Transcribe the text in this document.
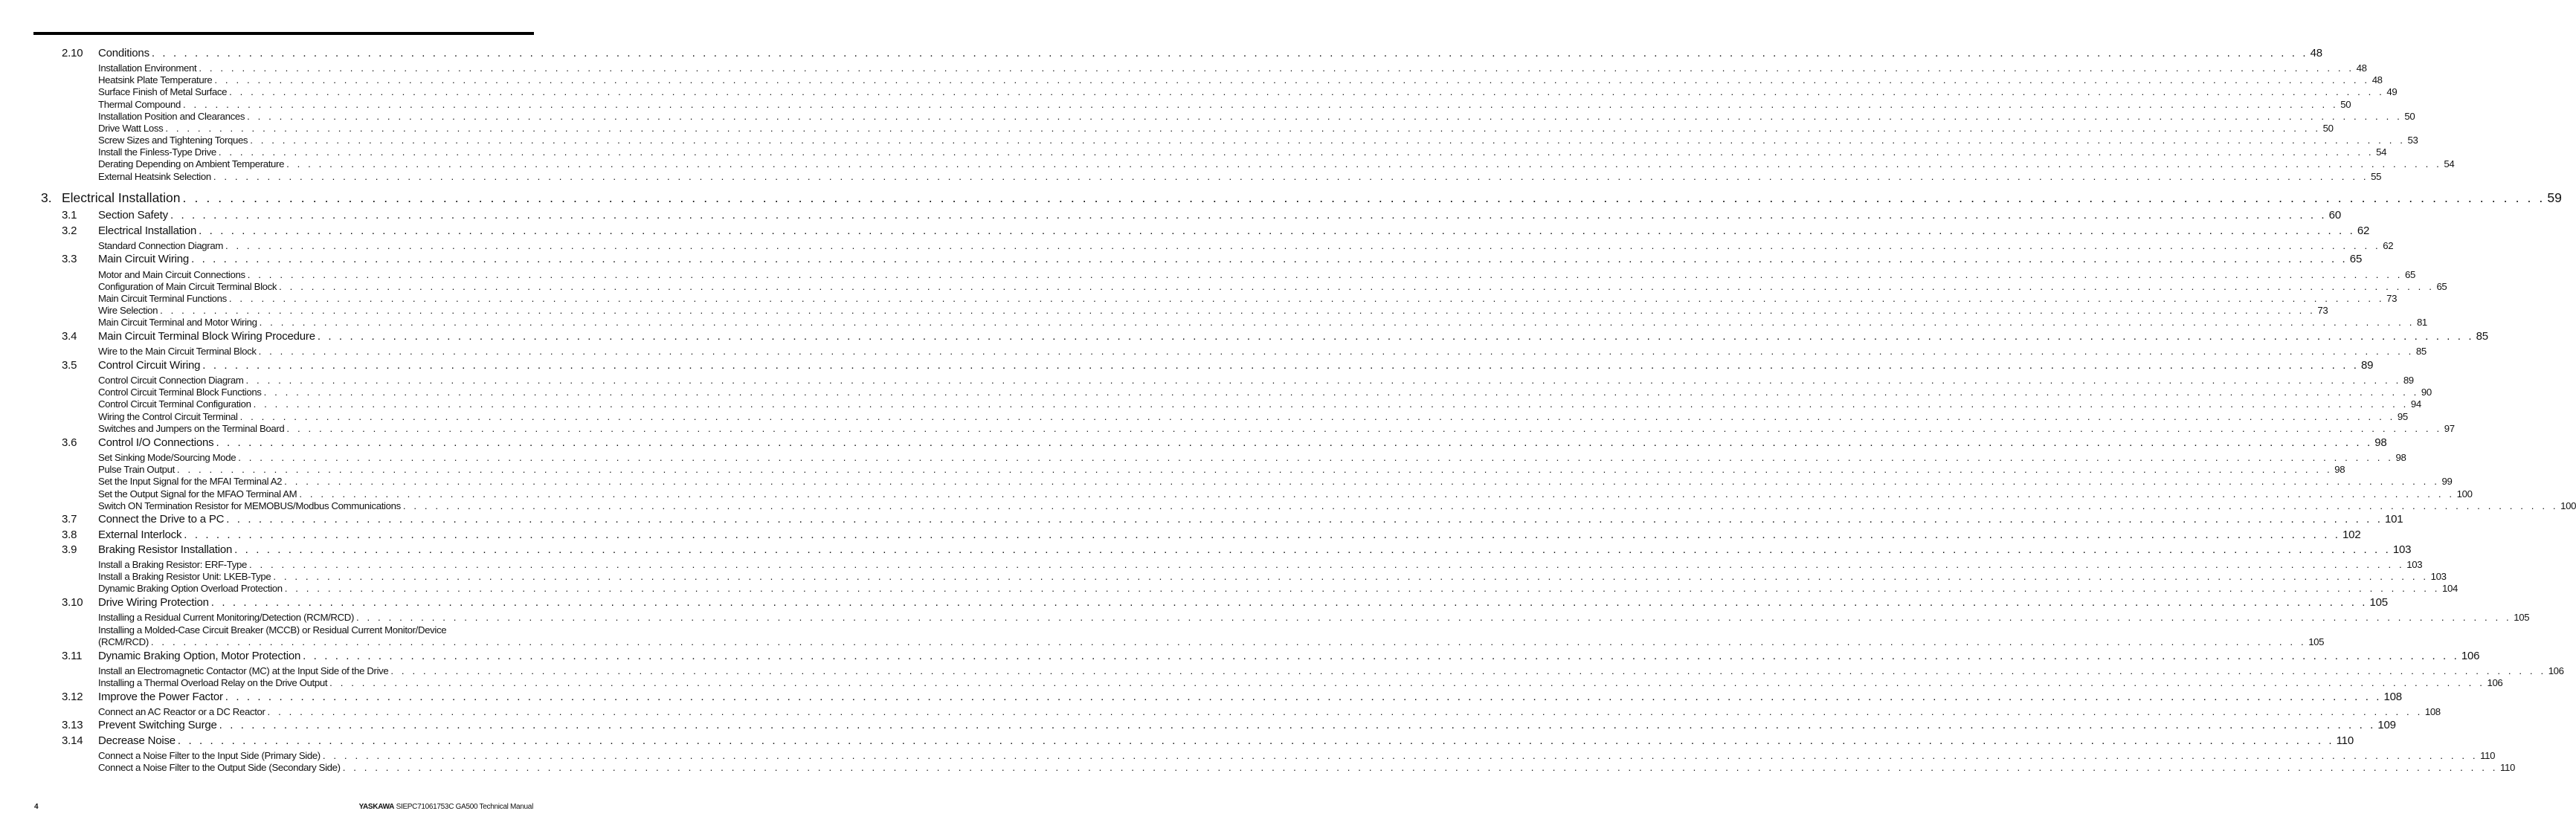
2.10 Conditions . . . . . . . . . . . . . . . . . . . . . . . . . . . . . . . . . . . . . . . . . . . . . . . . . . . . . . . . . . . . . . . . . . . . . . . . . . . . . . . . . . . . . . . . . . . . . . . . . . . . . . . . . . . . . . . . . . . . . . . . . . . . . . . . . . . . . . . . . . . . . . . . . . . . . . . . . . . . . . . . . . . . . . . . . . . . . . . . . . . . . . . . . . . . . . . . . . . . . . . . 48
Installation Environment . . . . . . . . . . . . . . . . . . . . . . . . . . . . . . . . . . . . . . . . . . . . . . . . . . . . . . . . . . . . . . . . . . . . . . . . . . . . . . . . . . . . . . . . . . . . . . . . . . . . . . . . . . . . . . . . . . . . . . . . . . . . . . . . . . . . . . . . . . . . . . . . . . . . . . . . . . . . . . . . . . . . . . . . . . . . . . . . . . . . . . . . . . . . . . . . . . . . . . . . 48
Heatsink Plate Temperature . . . . . . . . . . . . . . . . . . . . . . . . . . . . . . . . . . . . . . . . . . . . . . . . . . . . . . . . . . . . . . . . . . . . . . . . . . . . . . . . . . . . . . . . . . . . . . . . . . . . . . . . . . . . . . . . . . . . . . . . . . . . . . . . . . . . . . . . . . . . . . . . . . . . . . . . . . . . . . . . . . . . . . . . . . . . . . . . . . . . . . . . . . . . . . . . . . . . . . . . 48
Surface Finish of Metal Surface . . . . . . . . . . . . . . . . . . . . . . . . . . . . . . . . . . . . . . . . . . . . . . . . . . . . . . . . . . . . . . . . . . . . . . . . . . . . . . . . . . . . . . . . . . . . . . . . . . . . . . . . . . . . . . . . . . . . . . . . . . . . . . . . . . . . . . . . . . . . . . . . . . . . . . . . . . . . . . . . . . . . . . . . . . . . . . . . . . . . . . . . . . . . . . . . . . . . . . . . 49
Thermal Compound . . . . . . . . . . . . . . . . . . . . . . . . . . . . . . . . . . . . . . . . . . . . . . . . . . . . . . . . . . . . . . . . . . . . . . . . . . . . . . . . . . . . . . . . . . . . . . . . . . . . . . . . . . . . . . . . . . . . . . . . . . . . . . . . . . . . . . . . . . . . . . . . . . . . . . . . . . . . . . . . . . . . . . . . . . . . . . . . . . . . . . . . . . . . . . . . . . . . . . . . 50
Installation Position and Clearances . . . . . . . . . . . . . . . . . . . . . . . . . . . . . . . . . . . . . . . . . . . . . . . . . . . . . . . . . . . . . . . . . . . . . . . . . . . . . . . . . . . . . . . . . . . . . . . . . . . . . . . . . . . . . . . . . . . . . . . . . . . . . . . . . . . . . . . . . . . . . . . . . . . . . . . . . . . . . . . . . . . . . . . . . . . . . . . . . . . . . . . . . . . . . . . . . . . . . . . . 50
Drive Watt Loss . . . . . . . . . . . . . . . . . . . . . . . . . . . . . . . . . . . . . . . . . . . . . . . . . . . . . . . . . . . . . . . . . . . . . . . . . . . . . . . . . . . . . . . . . . . . . . . . . . . . . . . . . . . . . . . . . . . . . . . . . . . . . . . . . . . . . . . . . . . . . . . . . . . . . . . . . . . . . . . . . . . . . . . . . . . . . . . . . . . . . . . . . . . . . . . . . . . . . . . . 50
Screw Sizes and Tightening Torques . . . . . . . . . . . . . . . . . . . . . . . . . . . . . . . . . . . . . . . . . . . . . . . . . . . . . . . . . . . . . . . . . . . . . . . . . . . . . . . . . . . . . . . . . . . . . . . . . . . . . . . . . . . . . . . . . . . . . . . . . . . . . . . . . . . . . . . . . . . . . . . . . . . . . . . . . . . . . . . . . . . . . . . . . . . . . . . . . . . . . . . . . . . . . . . . . . . . . . . . 53
Install the Finless-Type Drive . . . . . . . . . . . . . . . . . . . . . . . . . . . . . . . . . . . . . . . . . . . . . . . . . . . . . . . . . . . . . . . . . . . . . . . . . . . . . . . . . . . . . . . . . . . . . . . . . . . . . . . . . . . . . . . . . . . . . . . . . . . . . . . . . . . . . . . . . . . . . . . . . . . . . . . . . . . . . . . . . . . . . . . . . . . . . . . . . . . . . . . . . . . . . . . . . . . . . . . . 54
Derating Depending on Ambient Temperature . . . . . . . . . . . . . . . . . . . . . . . . . . . . . . . . . . . . . . . . . . . . . . . . . . . . . . . . . . . . . . . . . . . . . . . . . . . . . . . . . . . . . . . . . . . . . . . . . . . . . . . . . . . . . . . . . . . . . . . . . . . . . . . . . . . . . . . . . . . . . . . . . . . . . . . . . . . . . . . . . . . . . . . . . . . . . . . . . . . . . . . . . . . . . . . . . . . . . . . . 54
External Heatsink Selection . . . . . . . . . . . . . . . . . . . . . . . . . . . . . . . . . . . . . . . . . . . . . . . . . . . . . . . . . . . . . . . . . . . . . . . . . . . . . . . . . . . . . . . . . . . . . . . . . . . . . . . . . . . . . . . . . . . . . . . . . . . . . . . . . . . . . . . . . . . . . . . . . . . . . . . . . . . . . . . . . . . . . . . . . . . . . . . . . . . . . . . . . . . . . . . . . . . . . . . . 55
3. Electrical Installation . . . . . . . . . . . . . . . . . . . . . . . . . . . . . . . . . . . . . . . . . . . . . . . . . . . . . . . . . . . . . . . . . . . . . . . . . . . . . . . . . . . . . . . . . . . . . . . . . . . . . . . . . . . . . . . . . . . . . . . . . . . . . . . . . . . . . . . . . . . . . . . . . . . . . . . . . . . . . . . . . . . . . . . . . . . . . . . . . . . . . . . . . . . . . . . . . . . . . . . . 59
3.1 Section Safety . . . . . . . . . . . . . . . . . . . . . . . . . . . . . . . . . . . . . . . . . . . . . . . . . . . . . . . . . . . . . . . . . . . . . . . . . . . . . . . . . . . . . . . . . . . . . . . . . . . . . . . . . . . . . . . . . . . . . . . . . . . . . . . . . . . . . . . . . . . . . . . . . . . . . . . . . . . . . . . . . . . . . . . . . . . . . . . . . . . . . . . . . . . . . . . . . . . . . . . . 60
3.2 Electrical Installation . . . . . . . . . . . . . . . . . . . . . . . . . . . . . . . . . . . . . . . . . . . . . . . . . . . . . . . . . . . . . . . . . . . . . . . . . . . . . . . . . . . . . . . . . . . . . . . . . . . . . . . . . . . . . . . . . . . . . . . . . . . . . . . . . . . . . . . . . . . . . . . . . . . . . . . . . . . . . . . . . . . . . . . . . . . . . . . . . . . . . . . . . . . . . . . . . . . . . . . . 62
Standard Connection Diagram . . . . . . . . . . . . . . . . . . . . . . . . . . . . . . . . . . . . . . . . . . . . . . . . . . . . . . . . . . . . . . . . . . . . . . . . . . . . . . . . . . . . . . . . . . . . . . . . . . . . . . . . . . . . . . . . . . . . . . . . . . . . . . . . . . . . . . . . . . . . . . . . . . . . . . . . . . . . . . . . . . . . . . . . . . . . . . . . . . . . . . . . . . . . . . . . . . . . . . . . 62
3.3 Main Circuit Wiring . . . . . . . . . . . . . . . . . . . . . . . . . . . . . . . . . . . . . . . . . . . . . . . . . . . . . . . . . . . . . . . . . . . . . . . . . . . . . . . . . . . . . . . . . . . . . . . . . . . . . . . . . . . . . . . . . . . . . . . . . . . . . . . . . . . . . . . . . . . . . . . . . . . . . . . . . . . . . . . . . . . . . . . . . . . . . . . . . . . . . . . . . . . . . . . . . . . . . . . . 65
Motor and Main Circuit Connections . . . . . . . . . . . . . . . . . . . . . . . . . . . . . . . . . . . . . . . . . . . . . . . . . . . . . . . . . . . . . . . . . . . . . . . . . . . . . . . . . . . . . . . . . . . . . . . . . . . . . . . . . . . . . . . . . . . . . . . . . . . . . . . . . . . . . . . . . . . . . . . . . . . . . . . . . . . . . . . . . . . . . . . . . . . . . . . . . . . . . . . . . . . . . . . . . . . . . . . . 65
Configuration of Main Circuit Terminal Block . . . . . . . . . . . . . . . . . . . . . . . . . . . . . . . . . . . . . . . . . . . . . . . . . . . . . . . . . . . . . . . . . . . . . . . . . . . . . . . . . . . . . . . . . . . . . . . . . . . . . . . . . . . . . . . . . . . . . . . . . . . . . . . . . . . . . . . . . . . . . . . . . . . . . . . . . . . . . . . . . . . . . . . . . . . . . . . . . . . . . . . . . . . . . . . . . . . . . . . . 65
Main Circuit Terminal Functions . . . . . . . . . . . . . . . . . . . . . . . . . . . . . . . . . . . . . . . . . . . . . . . . . . . . . . . . . . . . . . . . . . . . . . . . . . . . . . . . . . . . . . . . . . . . . . . . . . . . . . . . . . . . . . . . . . . . . . . . . . . . . . . . . . . . . . . . . . . . . . . . . . . . . . . . . . . . . . . . . . . . . . . . . . . . . . . . . . . . . . . . . . . . . . . . . . . . . . . . 73
Wire Selection . . . . . . . . . . . . . . . . . . . . . . . . . . . . . . . . . . . . . . . . . . . . . . . . . . . . . . . . . . . . . . . . . . . . . . . . . . . . . . . . . . . . . . . . . . . . . . . . . . . . . . . . . . . . . . . . . . . . . . . . . . . . . . . . . . . . . . . . . . . . . . . . . . . . . . . . . . . . . . . . . . . . . . . . . . . . . . . . . . . . . . . . . . . . . . . . . . . . . . . . 73
Main Circuit Terminal and Motor Wiring . . . . . . . . . . . . . . . . . . . . . . . . . . . . . . . . . . . . . . . . . . . . . . . . . . . . . . . . . . . . . . . . . . . . . . . . . . . . . . . . . . . . . . . . . . . . . . . . . . . . . . . . . . . . . . . . . . . . . . . . . . . . . . . . . . . . . . . . . . . . . . . . . . . . . . . . . . . . . . . . . . . . . . . . . . . . . . . . . . . . . . . . . . . . . . . . . . . . . . . . 81
3.4 Main Circuit Terminal Block Wiring Procedure . . . . . . . . . . . . . . . . . . . . . . . . . . . . . . . . . . . . . . . . . . . . . . . . . . . . . . . . . . . . . . . . . . . . . . . . . . . . . . . . . . . . . . . . . . . . . . . . . . . . . . . . . . . . . . . . . . . . . . . . . . . . . . . . . . . . . . . . . . . . . . . . . . . . . . . . . . . . . . . . . . . . . . . . . . . . . . . . . . . . . . . . . . . . . . . . . . . . . . . . 85
Wire to the Main Circuit Terminal Block . . . . . . . . . . . . . . . . . . . . . . . . . . . . . . . . . . . . . . . . . . . . . . . . . . . . . . . . . . . . . . . . . . . . . . . . . . . . . . . . . . . . . . . . . . . . . . . . . . . . . . . . . . . . . . . . . . . . . . . . . . . . . . . . . . . . . . . . . . . . . . . . . . . . . . . . . . . . . . . . . . . . . . . . . . . . . . . . . . . . . . . . . . . . . . . . . . . . . . . . 85
3.5 Control Circuit Wiring . . . . . . . . . . . . . . . . . . . . . . . . . . . . . . . . . . . . . . . . . . . . . . . . . . . . . . . . . . . . . . . . . . . . . . . . . . . . . . . . . . . . . . . . . . . . . . . . . . . . . . . . . . . . . . . . . . . . . . . . . . . . . . . . . . . . . . . . . . . . . . . . . . . . . . . . . . . . . . . . . . . . . . . . . . . . . . . . . . . . . . . . . . . . . . . . . . . . . . . . 89
Control Circuit Connection Diagram . . . . . . . . . . . . . . . . . . . . . . . . . . . . . . . . . . . . . . . . . . . . . . . . . . . . . . . . . . . . . . . . . . . . . . . . . . . . . . . . . . . . . . . . . . . . . . . . . . . . . . . . . . . . . . . . . . . . . . . . . . . . . . . . . . . . . . . . . . . . . . . . . . . . . . . . . . . . . . . . . . . . . . . . . . . . . . . . . . . . . . . . . . . . . . . . . . . . . . . . 89
Control Circuit Terminal Block Functions . . . . . . . . . . . . . . . . . . . . . . . . . . . . . . . . . . . . . . . . . . . . . . . . . . . . . . . . . . . . . . . . . . . . . . . . . . . . . . . . . . . . . . . . . . . . . . . . . . . . . . . . . . . . . . . . . . . . . . . . . . . . . . . . . . . . . . . . . . . . . . . . . . . . . . . . . . . . . . . . . . . . . . . . . . . . . . . . . . . . . . . . . . . . . . . . . . . . . . . . 90
Control Circuit Terminal Configuration . . . . . . . . . . . . . . . . . . . . . . . . . . . . . . . . . . . . . . . . . . . . . . . . . . . . . . . . . . . . . . . . . . . . . . . . . . . . . . . . . . . . . . . . . . . . . . . . . . . . . . . . . . . . . . . . . . . . . . . . . . . . . . . . . . . . . . . . . . . . . . . . . . . . . . . . . . . . . . . . . . . . . . . . . . . . . . . . . . . . . . . . . . . . . . . . . . . . . . . . 94
Wiring the Control Circuit Terminal . . . . . . . . . . . . . . . . . . . . . . . . . . . . . . . . . . . . . . . . . . . . . . . . . . . . . . . . . . . . . . . . . . . . . . . . . . . . . . . . . . . . . . . . . . . . . . . . . . . . . . . . . . . . . . . . . . . . . . . . . . . . . . . . . . . . . . . . . . . . . . . . . . . . . . . . . . . . . . . . . . . . . . . . . . . . . . . . . . . . . . . . . . . . . . . . . . . . . . . . 95
Switches and Jumpers on the Terminal Board . . . . . . . . . . . . . . . . . . . . . . . . . . . . . . . . . . . . . . . . . . . . . . . . . . . . . . . . . . . . . . . . . . . . . . . . . . . . . . . . . . . . . . . . . . . . . . . . . . . . . . . . . . . . . . . . . . . . . . . . . . . . . . . . . . . . . . . . . . . . . . . . . . . . . . . . . . . . . . . . . . . . . . . . . . . . . . . . . . . . . . . . . . . . . . . . . . . . . . . . 97
3.6 Control I/O Connections . . . . . . . . . . . . . . . . . . . . . . . . . . . . . . . . . . . . . . . . . . . . . . . . . . . . . . . . . . . . . . . . . . . . . . . . . . . . . . . . . . . . . . . . . . . . . . . . . . . . . . . . . . . . . . . . . . . . . . . . . . . . . . . . . . . . . . . . . . . . . . . . . . . . . . . . . . . . . . . . . . . . . . . . . . . . . . . . . . . . . . . . . . . . . . . . . . . . . . . . 98
Set Sinking Mode/Sourcing Mode . . . . . . . . . . . . . . . . . . . . . . . . . . . . . . . . . . . . . . . . . . . . . . . . . . . . . . . . . . . . . . . . . . . . . . . . . . . . . . . . . . . . . . . . . . . . . . . . . . . . . . . . . . . . . . . . . . . . . . . . . . . . . . . . . . . . . . . . . . . . . . . . . . . . . . . . . . . . . . . . . . . . . . . . . . . . . . . . . . . . . . . . . . . . . . . . . . . . . . . . 98
Pulse Train Output . . . . . . . . . . . . . . . . . . . . . . . . . . . . . . . . . . . . . . . . . . . . . . . . . . . . . . . . . . . . . . . . . . . . . . . . . . . . . . . . . . . . . . . . . . . . . . . . . . . . . . . . . . . . . . . . . . . . . . . . . . . . . . . . . . . . . . . . . . . . . . . . . . . . . . . . . . . . . . . . . . . . . . . . . . . . . . . . . . . . . . . . . . . . . . . . . . . . . . . . 98
Set the Input Signal for the MFAI Terminal A2 . . . . . . . . . . . . . . . . . . . . . . . . . . . . . . . . . . . . . . . . . . . . . . . . . . . . . . . . . . . . . . . . . . . . . . . . . . . . . . . . . . . . . . . . . . . . . . . . . . . . . . . . . . . . . . . . . . . . . . . . . . . . . . . . . . . . . . . . . . . . . . . . . . . . . . . . . . . . . . . . . . . . . . . . . . . . . . . . . . . . . . . . . . . . . . . . . . . . . . . . 99
Set the Output Signal for the MFAO Terminal AM . . . . . . . . . . . . . . . . . . . . . . . . . . . . . . . . . . . . . . . . . . . . . . . . . . . . . . . . . . . . . . . . . . . . . . . . . . . . . . . . . . . . . . . . . . . . . . . . . . . . . . . . . . . . . . . . . . . . . . . . . . . . . . . . . . . . . . . . . . . . . . . . . . . . . . . . . . . . . . . . . . . . . . . . . . . . . . . . . . . . . . . . . . . . . . . . . . . . . . . . 100
Switch ON Termination Resistor for MEMOBUS/Modbus Communications . . . . . . . . . . . . . . . . . . . . . . . . . . . . . . . . . . . . . . . . . . . . . . . . . . . . . . . . . . . . . . . . . . . . . . . . . . . . . . . . . . . . . . . . . . . . . . . . . . . . . . . . . . . . . . . . . . . . . . . . . . . . . . . . . . . . . . . . . . . . . . . . . . . . . . . . . . . . . . . . . . . . . . . . . . . . . . . . . . . . . . . . . . . . . . . . . . . . . . . . 100
3.7 Connect the Drive to a PC . . . . . . . . . . . . . . . . . . . . . . . . . . . . . . . . . . . . . . . . . . . . . . . . . . . . . . . . . . . . . . . . . . . . . . . . . . . . . . . . . . . . . . . . . . . . . . . . . . . . . . . . . . . . . . . . . . . . . . . . . . . . . . . . . . . . . . . . . . . . . . . . . . . . . . . . . . . . . . . . . . . . . . . . . . . . . . . . . . . . . . . . . . . . . . . . . . . . . . . . 101
3.8 External Interlock . . . . . . . . . . . . . . . . . . . . . . . . . . . . . . . . . . . . . . . . . . . . . . . . . . . . . . . . . . . . . . . . . . . . . . . . . . . . . . . . . . . . . . . . . . . . . . . . . . . . . . . . . . . . . . . . . . . . . . . . . . . . . . . . . . . . . . . . . . . . . . . . . . . . . . . . . . . . . . . . . . . . . . . . . . . . . . . . . . . . . . . . . . . . . . . . . . . . . . . . 102
3.9 Braking Resistor Installation . . . . . . . . . . . . . . . . . . . . . . . . . . . . . . . . . . . . . . . . . . . . . . . . . . . . . . . . . . . . . . . . . . . . . . . . . . . . . . . . . . . . . . . . . . . . . . . . . . . . . . . . . . . . . . . . . . . . . . . . . . . . . . . . . . . . . . . . . . . . . . . . . . . . . . . . . . . . . . . . . . . . . . . . . . . . . . . . . . . . . . . . . . . . . . . . . . . . . . . . 103
Install a Braking Resistor: ERF-Type . . . . . . . . . . . . . . . . . . . . . . . . . . . . . . . . . . . . . . . . . . . . . . . . . . . . . . . . . . . . . . . . . . . . . . . . . . . . . . . . . . . . . . . . . . . . . . . . . . . . . . . . . . . . . . . . . . . . . . . . . . . . . . . . . . . . . . . . . . . . . . . . . . . . . . . . . . . . . . . . . . . . . . . . . . . . . . . . . . . . . . . . . . . . . . . . . . . . . . . . 103
Install a Braking Resistor Unit: LKEB-Type . . . . . . . . . . . . . . . . . . . . . . . . . . . . . . . . . . . . . . . . . . . . . . . . . . . . . . . . . . . . . . . . . . . . . . . . . . . . . . . . . . . . . . . . . . . . . . . . . . . . . . . . . . . . . . . . . . . . . . . . . . . . . . . . . . . . . . . . . . . . . . . . . . . . . . . . . . . . . . . . . . . . . . . . . . . . . . . . . . . . . . . . . . . . . . . . . . . . . . . . 103
Dynamic Braking Option Overload Protection . . . . . . . . . . . . . . . . . . . . . . . . . . . . . . . . . . . . . . . . . . . . . . . . . . . . . . . . . . . . . . . . . . . . . . . . . . . . . . . . . . . . . . . . . . . . . . . . . . . . . . . . . . . . . . . . . . . . . . . . . . . . . . . . . . . . . . . . . . . . . . . . . . . . . . . . . . . . . . . . . . . . . . . . . . . . . . . . . . . . . . . . . . . . . . . . . . . . . . . . 104
3.10 Drive Wiring Protection . . . . . . . . . . . . . . . . . . . . . . . . . . . . . . . . . . . . . . . . . . . . . . . . . . . . . . . . . . . . . . . . . . . . . . . . . . . . . . . . . . . . . . . . . . . . . . . . . . . . . . . . . . . . . . . . . . . . . . . . . . . . . . . . . . . . . . . . . . . . . . . . . . . . . . . . . . . . . . . . . . . . . . . . . . . . . . . . . . . . . . . . . . . . . . . . . . . . . . . . 105
Installing a Residual Current Monitoring/Detection (RCM/RCD) . . . . . . . . . . . . . . . . . . . . . . . . . . . . . . . . . . . . . . . . . . . . . . . . . . . . . . . . . . . . . . . . . . . . . . . . . . . . . . . . . . . . . . . . . . . . . . . . . . . . . . . . . . . . . . . . . . . . . . . . . . . . . . . . . . . . . . . . . . . . . . . . . . . . . . . . . . . . . . . . . . . . . . . . . . . . . . . . . . . . . . . . . . . . . . . . . . . . . . . . 105
Installing a Molded-Case Circuit Breaker (MCCB) or Residual Current Monitor/Device
(RCM/RCD) . . . . . . . . . . . . . . . . . . . . . . . . . . . . . . . . . . . . . . . . . . . . . . . . . . . . . . . . . . . . . . . . . . . . . . . . . . . . . . . . . . . . . . . . . . . . . . . . . . . . . . . . . . . . . . . . . . . . . . . . . . . . . . . . . . . . . . . . . . . . . . . . . . . . . . . . . . . . . . . . . . . . . . . . . . . . . . . . . . . . . . . . . . . . . . . . . . . . . . . . 105
3.11 Dynamic Braking Option, Motor Protection . . . . . . . . . . . . . . . . . . . . . . . . . . . . . . . . . . . . . . . . . . . . . . . . . . . . . . . . . . . . . . . . . . . . . . . . . . . . . . . . . . . . . . . . . . . . . . . . . . . . . . . . . . . . . . . . . . . . . . . . . . . . . . . . . . . . . . . . . . . . . . . . . . . . . . . . . . . . . . . . . . . . . . . . . . . . . . . . . . . . . . . . . . . . . . . . . . . . . . . . 106
Install an Electromagnetic Contactor (MC) at the Input Side of the Drive . . . . . . . . . . . . . . . . . . . . . . . . . . . . . . . . . . . . . . . . . . . . . . . . . . . . . . . . . . . . . . . . . . . . . . . . . . . . . . . . . . . . . . . . . . . . . . . . . . . . . . . . . . . . . . . . . . . . . . . . . . . . . . . . . . . . . . . . . . . . . . . . . . . . . . . . . . . . . . . . . . . . . . . . . . . . . . . . . . . . . . . . . . . . . . . . . . . . . . . . 106
Installing a Thermal Overload Relay on the Drive Output . . . . . . . . . . . . . . . . . . . . . . . . . . . . . . . . . . . . . . . . . . . . . . . . . . . . . . . . . . . . . . . . . . . . . . . . . . . . . . . . . . . . . . . . . . . . . . . . . . . . . . . . . . . . . . . . . . . . . . . . . . . . . . . . . . . . . . . . . . . . . . . . . . . . . . . . . . . . . . . . . . . . . . . . . . . . . . . . . . . . . . . . . . . . . . . . . . . . . . . . 106
3.12 Improve the Power Factor . . . . . . . . . . . . . . . . . . . . . . . . . . . . . . . . . . . . . . . . . . . . . . . . . . . . . . . . . . . . . . . . . . . . . . . . . . . . . . . . . . . . . . . . . . . . . . . . . . . . . . . . . . . . . . . . . . . . . . . . . . . . . . . . . . . . . . . . . . . . . . . . . . . . . . . . . . . . . . . . . . . . . . . . . . . . . . . . . . . . . . . . . . . . . . . . . . . . . . . . 108
Connect an AC Reactor or a DC Reactor . . . . . . . . . . . . . . . . . . . . . . . . . . . . . . . . . . . . . . . . . . . . . . . . . . . . . . . . . . . . . . . . . . . . . . . . . . . . . . . . . . . . . . . . . . . . . . . . . . . . . . . . . . . . . . . . . . . . . . . . . . . . . . . . . . . . . . . . . . . . . . . . . . . . . . . . . . . . . . . . . . . . . . . . . . . . . . . . . . . . . . . . . . . . . . . . . . . . . . . . 108
3.13 Prevent Switching Surge . . . . . . . . . . . . . . . . . . . . . . . . . . . . . . . . . . . . . . . . . . . . . . . . . . . . . . . . . . . . . . . . . . . . . . . . . . . . . . . . . . . . . . . . . . . . . . . . . . . . . . . . . . . . . . . . . . . . . . . . . . . . . . . . . . . . . . . . . . . . . . . . . . . . . . . . . . . . . . . . . . . . . . . . . . . . . . . . . . . . . . . . . . . . . . . . . . . . . . . . 109
3.14 Decrease Noise . . . . . . . . . . . . . . . . . . . . . . . . . . . . . . . . . . . . . . . . . . . . . . . . . . . . . . . . . . . . . . . . . . . . . . . . . . . . . . . . . . . . . . . . . . . . . . . . . . . . . . . . . . . . . . . . . . . . . . . . . . . . . . . . . . . . . . . . . . . . . . . . . . . . . . . . . . . . . . . . . . . . . . . . . . . . . . . . . . . . . . . . . . . . . . . . . . . . . . . . 110
Connect a Noise Filter to the Input Side (Primary Side) . . . . . . . . . . . . . . . . . . . . . . . . . . . . . . . . . . . . . . . . . . . . . . . . . . . . . . . . . . . . . . . . . . . . . . . . . . . . . . . . . . . . . . . . . . . . . . . . . . . . . . . . . . . . . . . . . . . . . . . . . . . . . . . . . . . . . . . . . . . . . . . . . . . . . . . . . . . . . . . . . . . . . . . . . . . . . . . . . . . . . . . . . . . . . . . . . . . . . . . . 110
Connect a Noise Filter to the Output Side (Secondary Side) . . . . . . . . . . . . . . . . . . . . . . . . . . . . . . . . . . . . . . . . . . . . . . . . . . . . . . . . . . . . . . . . . . . . . . . . . . . . . . . . . . . . . . . . . . . . . . . . . . . . . . . . . . . . . . . . . . . . . . . . . . . . . . . . . . . . . . . . . . . . . . . . . . . . . . . . . . . . . . . . . . . . . . . . . . . . . . . . . . . . . . . . . . . . . . . . . . . . . . . . 110
4	YASKAWA SIEPC71061753C GA500 Technical Manual
